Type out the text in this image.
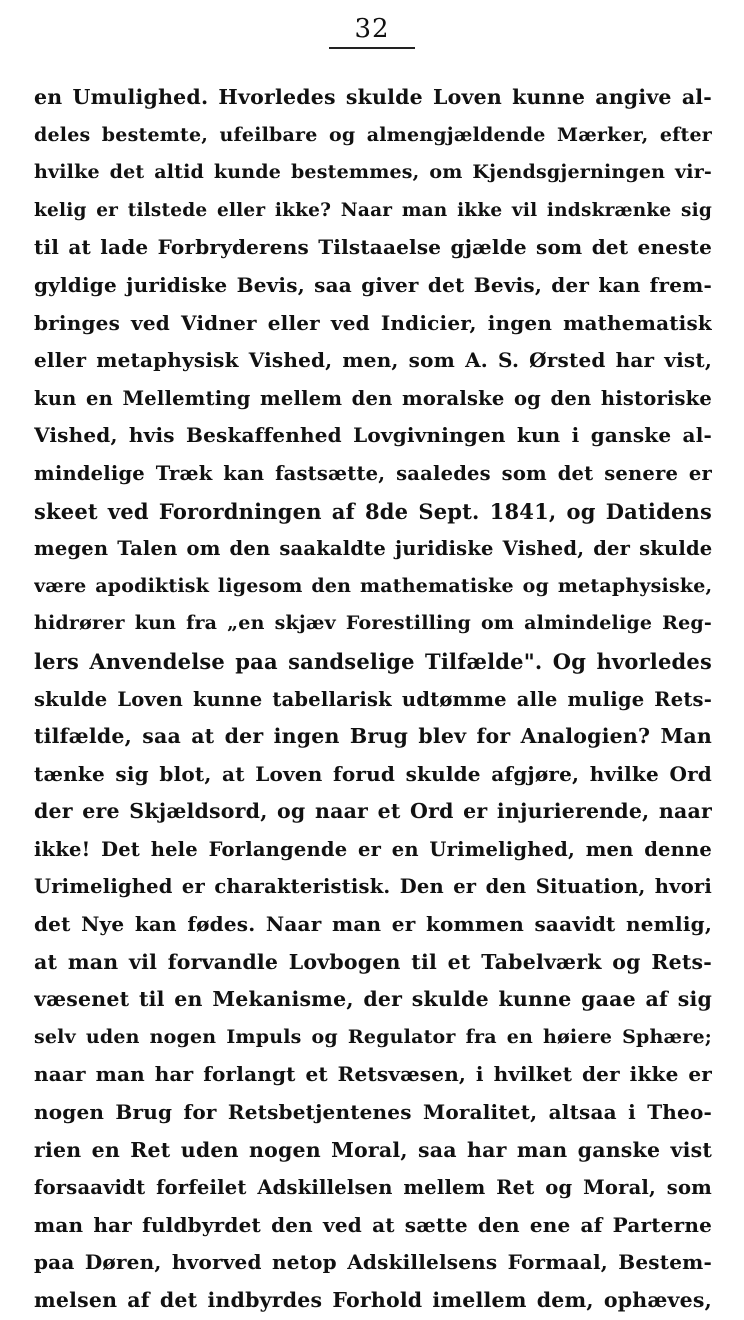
32
en Umulighed. Hvorledes skulde Loven kunne angive al-
deles bestemte, ufeilbare og almengjældende Mærker, efter
hvilke det altid kunde bestemmes, om Kjendsgjerningen vir-
kelig er tilstede eller ikke? Naar man ikke vil indskrænke sig
til at lade Forbryderens Tilstaaelse gjælde som det eneste
gyldige juridiske Bevis, saa giver det Bevis, der kan frem-
bringes ved Vidner eller ved Indicier, ingen mathematisk
eller metaphysisk Vished, men, som A. S. Ørsted har vist,
kun en Mellemting mellem den moralske og den historiske
Vished, hvis Beskaffenhed Lovgivningen kun i ganske al-
mindelige Træk kan fastsætte, saaledes som det senere er
skeet ved Forordningen af 8de Sept. 1841, og Datidens
megen Talen om den saakaldte juridiske Vished, der skulde
være apodiktisk ligesom den mathematiske og metaphysiske,
hidrører kun fra „en skjæv Forestilling om almindelige Reg-
lers Anvendelse paa sandselige Tilfælde". Og hvorledes
skulde Loven kunne tabellarisk udtømme alle mulige Rets-
tilfælde, saa at der ingen Brug blev for Analogien? Man
tænke sig blot, at Loven forud skulde afgjøre, hvilke Ord
der ere Skjældsord, og naar et Ord er injurierende, naar
ikke! Det hele Forlangende er en Urimelighed, men denne
Urimelighed er charakteristisk. Den er den Situation, hvori
det Nye kan fødes. Naar man er kommen saavidt nemlig,
at man vil forvandle Lovbogen til et Tabelværk og Rets-
væsenet til en Mekanisme, der skulde kunne gaae af sig
selv uden nogen Impuls og Regulator fra en høiere Sphære;
naar man har forlangt et Retsvæsen, i hvilket der ikke er
nogen Brug for Retsbetjentenes Moralitet, altsaa i Theo-
rien en Ret uden nogen Moral, saa har man ganske vist
forsaavidt forfeilet Adskillelsen mellem Ret og Moral, som
man har fuldbyrdet den ved at sætte den ene af Parterne
paa Døren, hvorved netop Adskillelsens Formaal, Bestem-
melsen af det indbyrdes Forhold imellem dem, ophæves,
